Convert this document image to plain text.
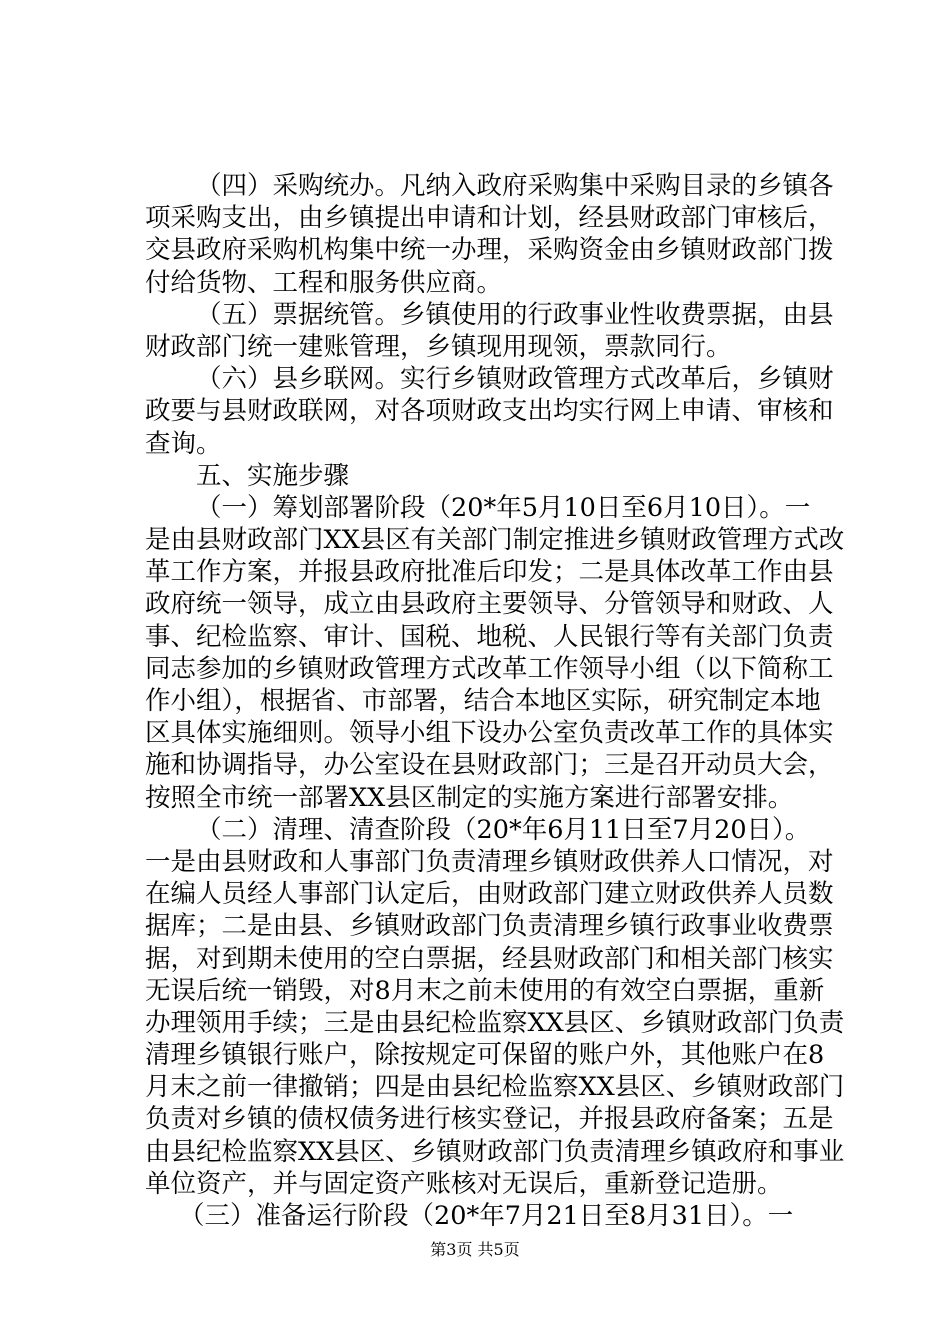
（四）采购统办。凡纳入政府采购集中采购目录的乡镇各
项采购支出，由乡镇提出申请和计划，经县财政部门审核后，
交县政府采购机构集中统一办理，采购资金由乡镇财政部门拨
付给货物、工程和服务供应商。
（五）票据统管。乡镇使用的行政事业性收费票据，由县
财政部门统一建账管理，乡镇现用现领，票款同行。
（六）县乡联网。实行乡镇财政管理方式改革后，乡镇财
政要与县财政联网，对各项财政支出均实行网上申请、审核和
查询。
五、实施步骤
（一）筹划部署阶段（20*年5月10日至6月10日）。一
是由县财政部门XX县区有关部门制定推进乡镇财政管理方式改
革工作方案，并报县政府批准后印发；二是具体改革工作由县
政府统一领导，成立由县政府主要领导、分管领导和财政、人
事、纪检监察、审计、国税、地税、人民银行等有关部门负责
同志参加的乡镇财政管理方式改革工作领导小组（以下简称工
作小组），根据省、市部署，结合本地区实际，研究制定本地
区具体实施细则。领导小组下设办公室负责改革工作的具体实
施和协调指导，办公室设在县财政部门；三是召开动员大会，
按照全市统一部署XX县区制定的实施方案进行部署安排。
（二）清理、清查阶段（20*年6月11日至7月20日）。
一是由县财政和人事部门负责清理乡镇财政供养人口情况，对
在编人员经人事部门认定后，由财政部门建立财政供养人员数
据库；二是由县、乡镇财政部门负责清理乡镇行政事业收费票
据，对到期未使用的空白票据，经县财政部门和相关部门核实
无误后统一销毁，对8月末之前未使用的有效空白票据，重新
办理领用手续；三是由县纪检监察XX县区、乡镇财政部门负责
清理乡镇银行账户，除按规定可保留的账户外，其他账户在8
月末之前一律撤销；四是由县纪检监察XX县区、乡镇财政部门
负责对乡镇的债权债务进行核实登记，并报县政府备案；五是
由县纪检监察XX县区、乡镇财政部门负责清理乡镇政府和事业
单位资产，并与固定资产账核对无误后，重新登记造册。
（三）准备运行阶段（20*年7月21日至8月31日）。一
第3页 共5页
